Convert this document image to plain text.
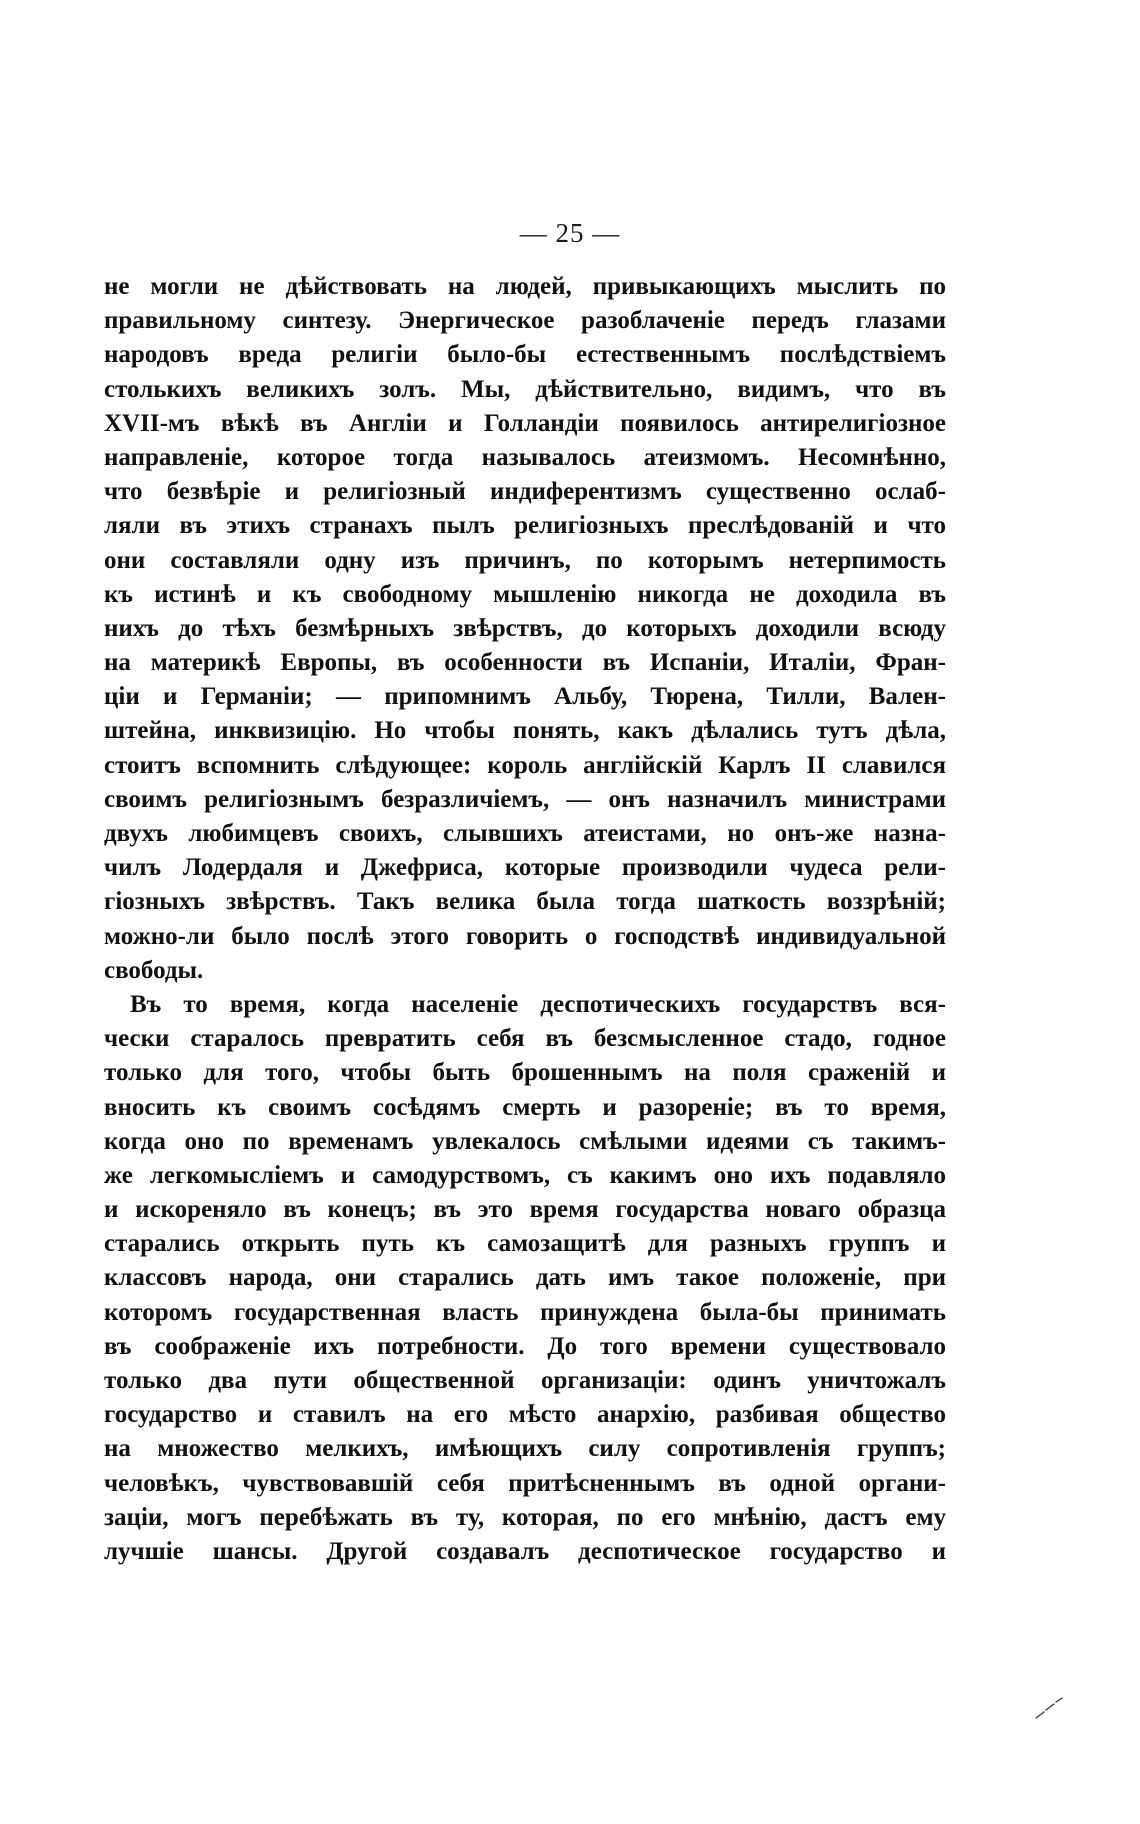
— 25 —
не могли не дѣйствовать на людей, привыкающихъ мыслить по
правильному синтезу. Энергическое разоблаченіе передъ глазами
народовъ вреда религіи было-бы естественнымъ послѣдствіемъ
столькихъ великихъ золъ. Мы, дѣйствительно, видимъ, что въ
XVII-мъ вѣкѣ въ Англіи и Голландіи появилось антирелигіозное
направленіе, которое тогда называлось атеизмомъ. Несомнѣнно,
что безвѣріе и религіозный индиферентизмъ существенно ослаб-
ляли въ этихъ странахъ пылъ религіозныхъ преслѣдованій и что
они составляли одну изъ причинъ, по которымъ нетерпимость
къ истинѣ и къ свободному мышленію никогда не доходила въ
нихъ до тѣхъ безмѣрныхъ звѣрствъ, до которыхъ доходили всюду
на материкѣ Европы, въ особенности въ Испаніи, Италіи, Фран-
ціи и Германіи; — припомнимъ Альбу, Тюрена, Тилли, Вален-
штейна, инквизицію. Но чтобы понять, какъ дѣлались тутъ дѣла,
стоитъ вспомнить слѣдующее: король англійскій Карлъ II славился
своимъ религіознымъ безразличіемъ, — онъ назначилъ министрами
двухъ любимцевъ своихъ, слывшихъ атеистами, но онъ-же назна-
чилъ Лодердаля и Джефриса, которые производили чудеса рели-
гіозныхъ звѣрствъ. Такъ велика была тогда шаткость воззрѣній;
можно-ли было послѣ этого говорить о господствѣ индивидуальной
свободы.
Въ то время, когда населеніе деспотическихъ государствъ вся-
чески старалось превратить себя въ безсмысленное стадо, годное
только для того, чтобы быть брошеннымъ на поля сраженій и
вносить къ своимъ сосѣдямъ смерть и разореніе; въ то время,
когда оно по временамъ увлекалось смѣлыми идеями съ такимъ-
же легкомысліемъ и самодурствомъ, съ какимъ оно ихъ подавляло
и искореняло въ конецъ; въ это время государства новаго образца
старались открыть путь къ самозащитѣ для разныхъ группъ и
классовъ народа, они старались дать имъ такое положеніе, при
которомъ государственная власть принуждена была-бы принимать
въ соображеніе ихъ потребности. До того времени существовало
только два пути общественной организаціи: одинъ уничтожалъ
государство и ставилъ на его мѣсто анархію, разбивая общество
на множество мелкихъ, имѣющихъ силу сопротивленія группъ;
человѣкъ, чувствовавшій себя притѣсненнымъ въ одной органи-
заціи, могъ перебѣжать въ ту, которая, по его мнѣнію, дастъ ему
лучшіе шансы. Другой создавалъ деспотическое государство и
